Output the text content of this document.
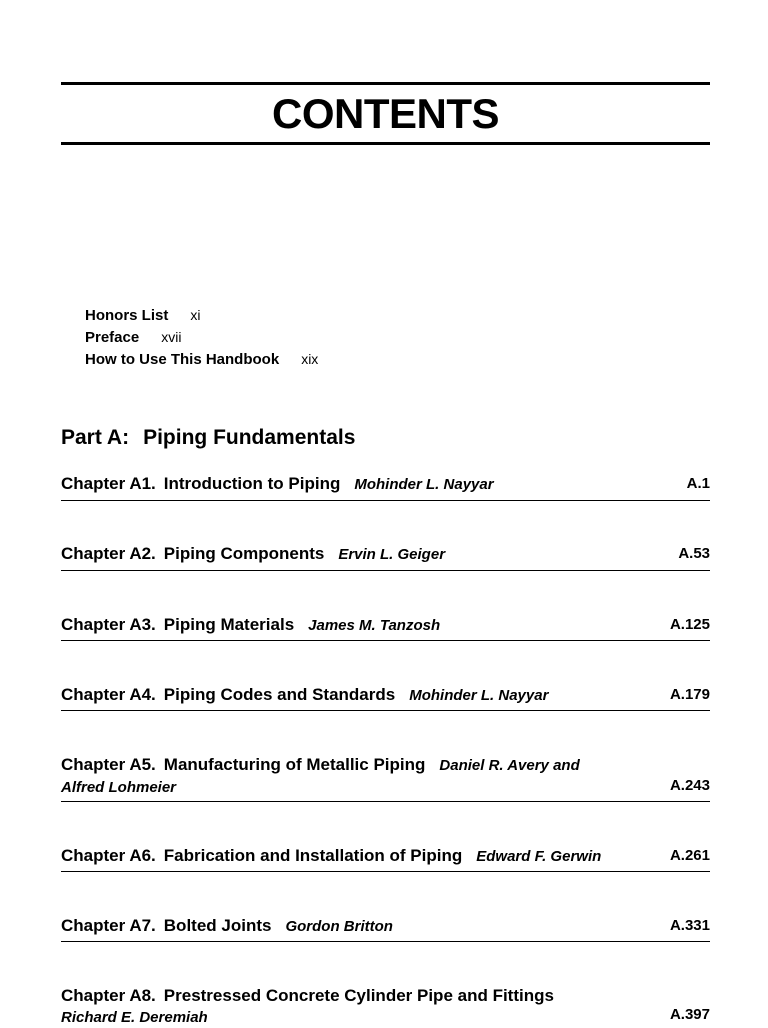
CONTENTS
Honors List xi
Preface xvii
How to Use This Handbook xix
Part A: Piping Fundamentals
Chapter A1. Introduction to Piping Mohinder L. Nayyar	A.1
Chapter A2. Piping Components Ervin L. Geiger	A.53
Chapter A3. Piping Materials James M. Tanzosh	A.125
Chapter A4. Piping Codes and Standards Mohinder L. Nayyar	A.179
Chapter A5. Manufacturing of Metallic Piping Daniel R. Avery and
Alfred Lohmeier	A.243
Chapter A6. Fabrication and Installation of Piping Edward F. Gerwin	A.261
Chapter A7. Bolted Joints Gordon Britton	A.331
Chapter A8. Prestressed Concrete Cylinder Pipe and Fittings
Richard E. Deremiah	A.397
